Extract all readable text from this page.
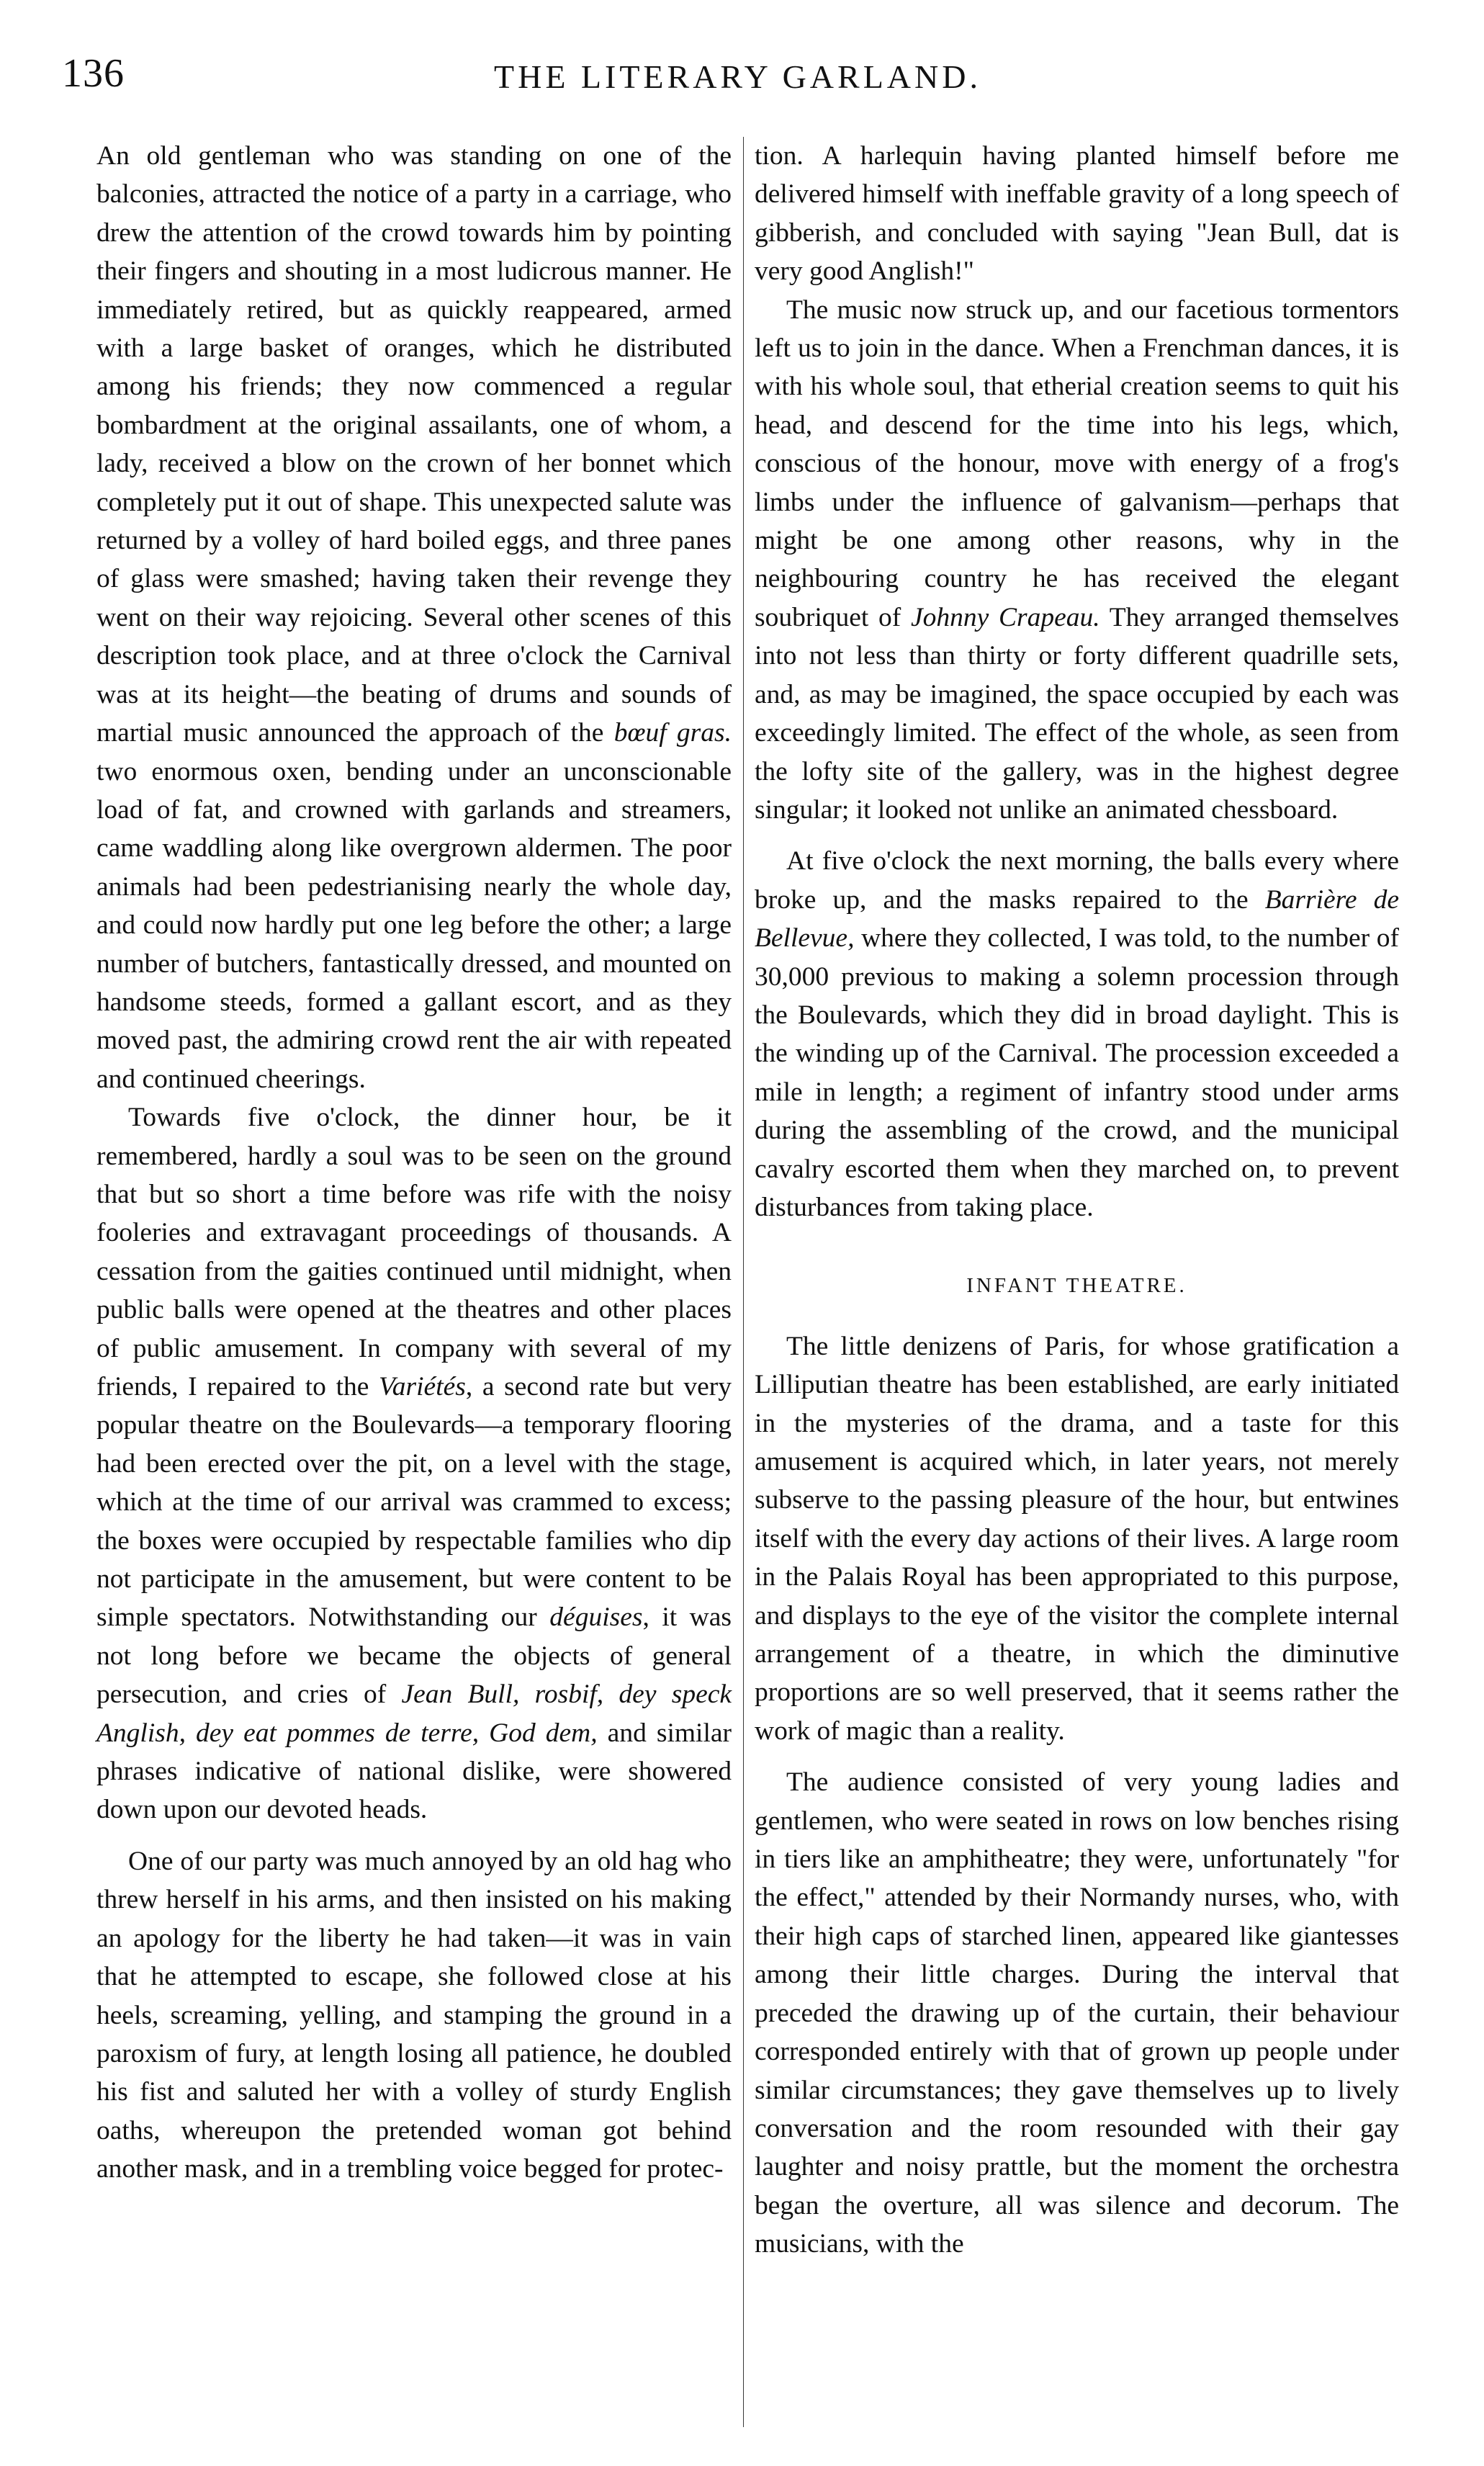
136	THE LITERARY GARLAND.

An old gentleman who was standing on one of the balconies, attracted the notice of a party in a carriage, who drew the attention of the crowd towards him by pointing their fingers and shouting in a most ludicrous manner. He immediately retired, but as quickly reappeared, armed with a large basket of oranges, which he distributed among his friends; they now commenced a regular bombardment at the original assailants, one of whom, a lady, received a blow on the crown of her bonnet which completely put it out of shape. This unexpected salute was returned by a volley of hard boiled eggs, and three panes of glass were smashed; having taken their revenge they went on their way rejoicing. Several other scenes of this description took place, and at three o'clock the Carnival was at its height—the beating of drums and sounds of martial music announced the approach of the bœuf gras. two enormous oxen, bending under an unconscionable load of fat, and crowned with garlands and streamers, came waddling along like overgrown aldermen. The poor animals had been pedestrianising nearly the whole day, and could now hardly put one leg before the other; a large number of butchers, fantastically dressed, and mounted on handsome steeds, formed a gallant escort, and as they moved past, the admiring crowd rent the air with repeated and continued cheerings.

Towards five o'clock, the dinner hour, be it remembered, hardly a soul was to be seen on the ground that but so short a time before was rife with the noisy fooleries and extravagant proceedings of thousands. A cessation from the gaities continued until midnight, when public balls were opened at the theatres and other places of public amusement. In company with several of my friends, I repaired to the Variétés, a second rate but very popular theatre on the Boulevards—a temporary flooring had been erected over the pit, on a level with the stage, which at the time of our arrival was crammed to excess; the boxes were occupied by respectable families who dip not participate in the amusement, but were content to be simple spectators. Notwithstanding our déguises, it was not long before we became the objects of general persecution, and cries of Jean Bull, rosbif, dey speck Anglish, dey eat pommes de terre, God dem, and similar phrases indicative of national dislike, were showered down upon our devoted heads.

One of our party was much annoyed by an old hag who threw herself in his arms, and then insisted on his making an apology for the liberty he had taken—it was in vain that he attempted to escape, she followed close at his heels, screaming, yelling, and stamping the ground in a paroxism of fury, at length losing all patience, he doubled his fist and saluted her with a volley of sturdy English oaths, whereupon the pretended woman got behind another mask, and in a trembling voice begged for protec-

tion. A harlequin having planted himself before me delivered himself with ineffable gravity of a long speech of gibberish, and concluded with saying "Jean Bull, dat is very good Anglish!"

The music now struck up, and our facetious tormentors left us to join in the dance. When a Frenchman dances, it is with his whole soul, that etherial creation seems to quit his head, and descend for the time into his legs, which, conscious of the honour, move with energy of a frog's limbs under the influence of galvanism—perhaps that might be one among other reasons, why in the neighbouring country he has received the elegant soubriquet of Johnny Crapeau. They arranged themselves into not less than thirty or forty different quadrille sets, and, as may be imagined, the space occupied by each was exceedingly limited. The effect of the whole, as seen from the lofty site of the gallery, was in the highest degree singular; it looked not unlike an animated chessboard.

At five o'clock the next morning, the balls every where broke up, and the masks repaired to the Barrière de Bellevue, where they collected, I was told, to the number of 30,000 previous to making a solemn procession through the Boulevards, which they did in broad daylight. This is the winding up of the Carnival. The procession exceeded a mile in length; a regiment of infantry stood under arms during the assembling of the crowd, and the municipal cavalry escorted them when they marched on, to prevent disturbances from taking place.

INFANT THEATRE.

The little denizens of Paris, for whose gratification a Lilliputian theatre has been established, are early initiated in the mysteries of the drama, and a taste for this amusement is acquired which, in later years, not merely subserve to the passing pleasure of the hour, but entwines itself with the every day actions of their lives. A large room in the Palais Royal has been appropriated to this purpose, and displays to the eye of the visitor the complete internal arrangement of a theatre, in which the diminutive proportions are so well preserved, that it seems rather the work of magic than a reality.

The audience consisted of very young ladies and gentlemen, who were seated in rows on low benches rising in tiers like an amphitheatre; they were, unfortunately "for the effect," attended by their Normandy nurses, who, with their high caps of starched linen, appeared like giantesses among their little charges. During the interval that preceded the drawing up of the curtain, their behaviour corresponded entirely with that of grown up people under similar circumstances; they gave themselves up to lively conversation and the room resounded with their gay laughter and noisy prattle, but the moment the orchestra began the overture, all was silence and decorum. The musicians, with the
